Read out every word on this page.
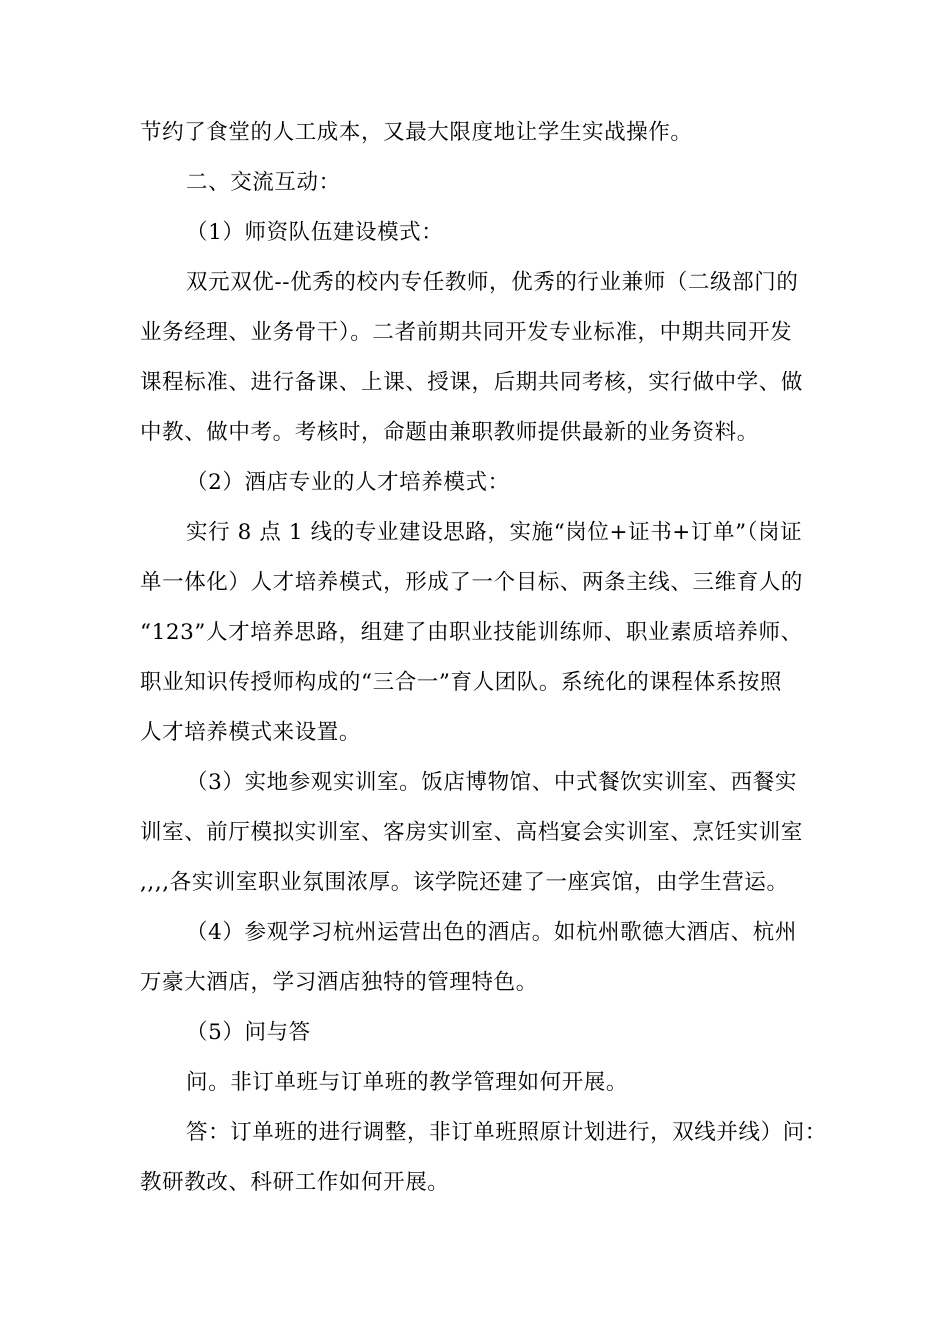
节约了食堂的人工成本，又最大限度地让学生实战操作。
二、交流互动：
（1）师资队伍建设模式：
双元双优--优秀的校内专任教师，优秀的行业兼师（二级部门的
业务经理、业务骨干）。二者前期共同开发专业标准，中期共同开发
课程标准、进行备课、上课、授课，后期共同考核，实行做中学、做
中教、做中考。考核时，命题由兼职教师提供最新的业务资料。
（2）酒店专业的人才培养模式：
实行 8 点 1 线的专业建设思路，实施“岗位+证书+订单”（岗证
单一体化）人才培养模式，形成了一个目标、两条主线、三维育人的
“123”人才培养思路，组建了由职业技能训练师、职业素质培养师、
职业知识传授师构成的“三合一”育人团队。系统化的课程体系按照
人才培养模式来设置。
（3）实地参观实训室。饭店博物馆、中式餐饮实训室、西餐实
训室、前厅模拟实训室、客房实训室、高档宴会实训室、烹饪实训室
,,,,各实训室职业氛围浓厚。该学院还建了一座宾馆，由学生营运。
（4）参观学习杭州运营出色的酒店。如杭州歌德大酒店、杭州
万豪大酒店，学习酒店独特的管理特色。
（5）问与答
问。非订单班与订单班的教学管理如何开展。
答：订单班的进行调整，非订单班照原计划进行，双线并线）问：
教研教改、科研工作如何开展。
